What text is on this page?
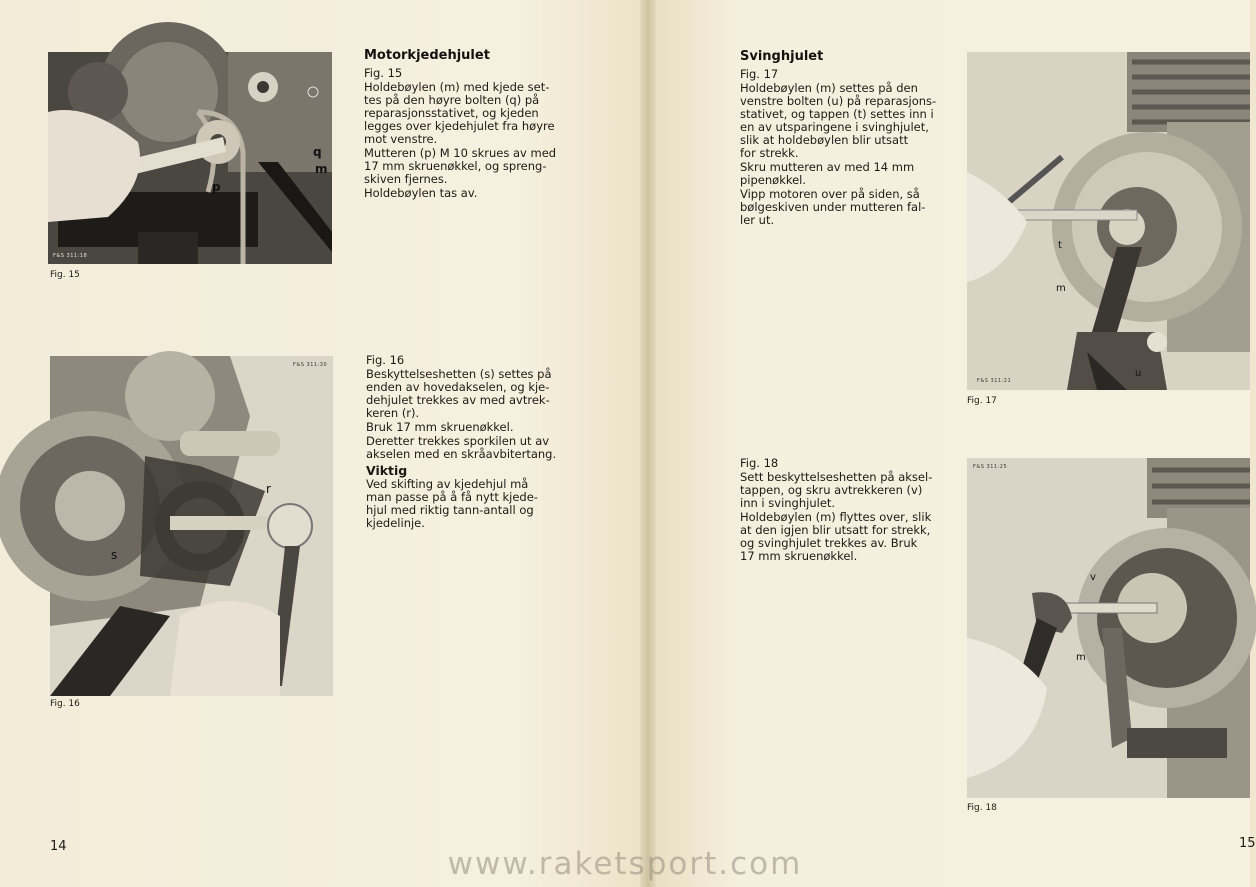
F&S 311:18
q
m
p
Fig. 15
Motorkjedehjulet

Fig. 15

Holdebøylen (m) med kjede set-
tes på den høyre bolten (q) på
reparasjonsstativet, og kjeden
legges over kjedehjulet fra høyre
mot venstre.

Mutteren (p) M 10 skrues av med
17 mm skruenøkkel, og spreng-
skiven fjernes.

Holdebøylen tas av.

F&S 311:30
r
s
Fig. 16

Fig. 16

Beskyttelseshetten (s) settes på
enden av hovedakselen, og kje-
dehjulet trekkes av med avtrek-
keren (r).

Bruk 17 mm skruenøkkel.

Deretter trekkes sporkilen ut av
akselen med en skråavbitertang.

Viktig

Ved skifting av kjedehjul må
man passe på å få nytt kjede-
hjul med riktig tann-antall og
kjedelinje.

14
Svinghjulet

Fig. 17

Holdebøylen (m) settes på den
venstre bolten (u) på reparasjons-
stativet, og tappen (t) settes inn i
en av utsparingene i svinghjulet,
slik at holdebøylen blir utsatt
for strekk.

Skru mutteren av med 14 mm
pipenøkkel.

Vipp motoren over på siden, så
bølgeskiven under mutteren fal-
ler ut.

F&S 311:21
t
m
u
Fig. 17

Fig. 18

Sett beskyttelseshetten på aksel-
tappen, og skru avtrekkeren (v)
inn i svinghjulet.

Holdebøylen (m) flyttes over, slik
at den igjen blir utsatt for strekk,
og svinghjulet trekkes av. Bruk
17 mm skruenøkkel.

F&S 311:25
v
m
Fig. 18
15
www.raketsport.com
